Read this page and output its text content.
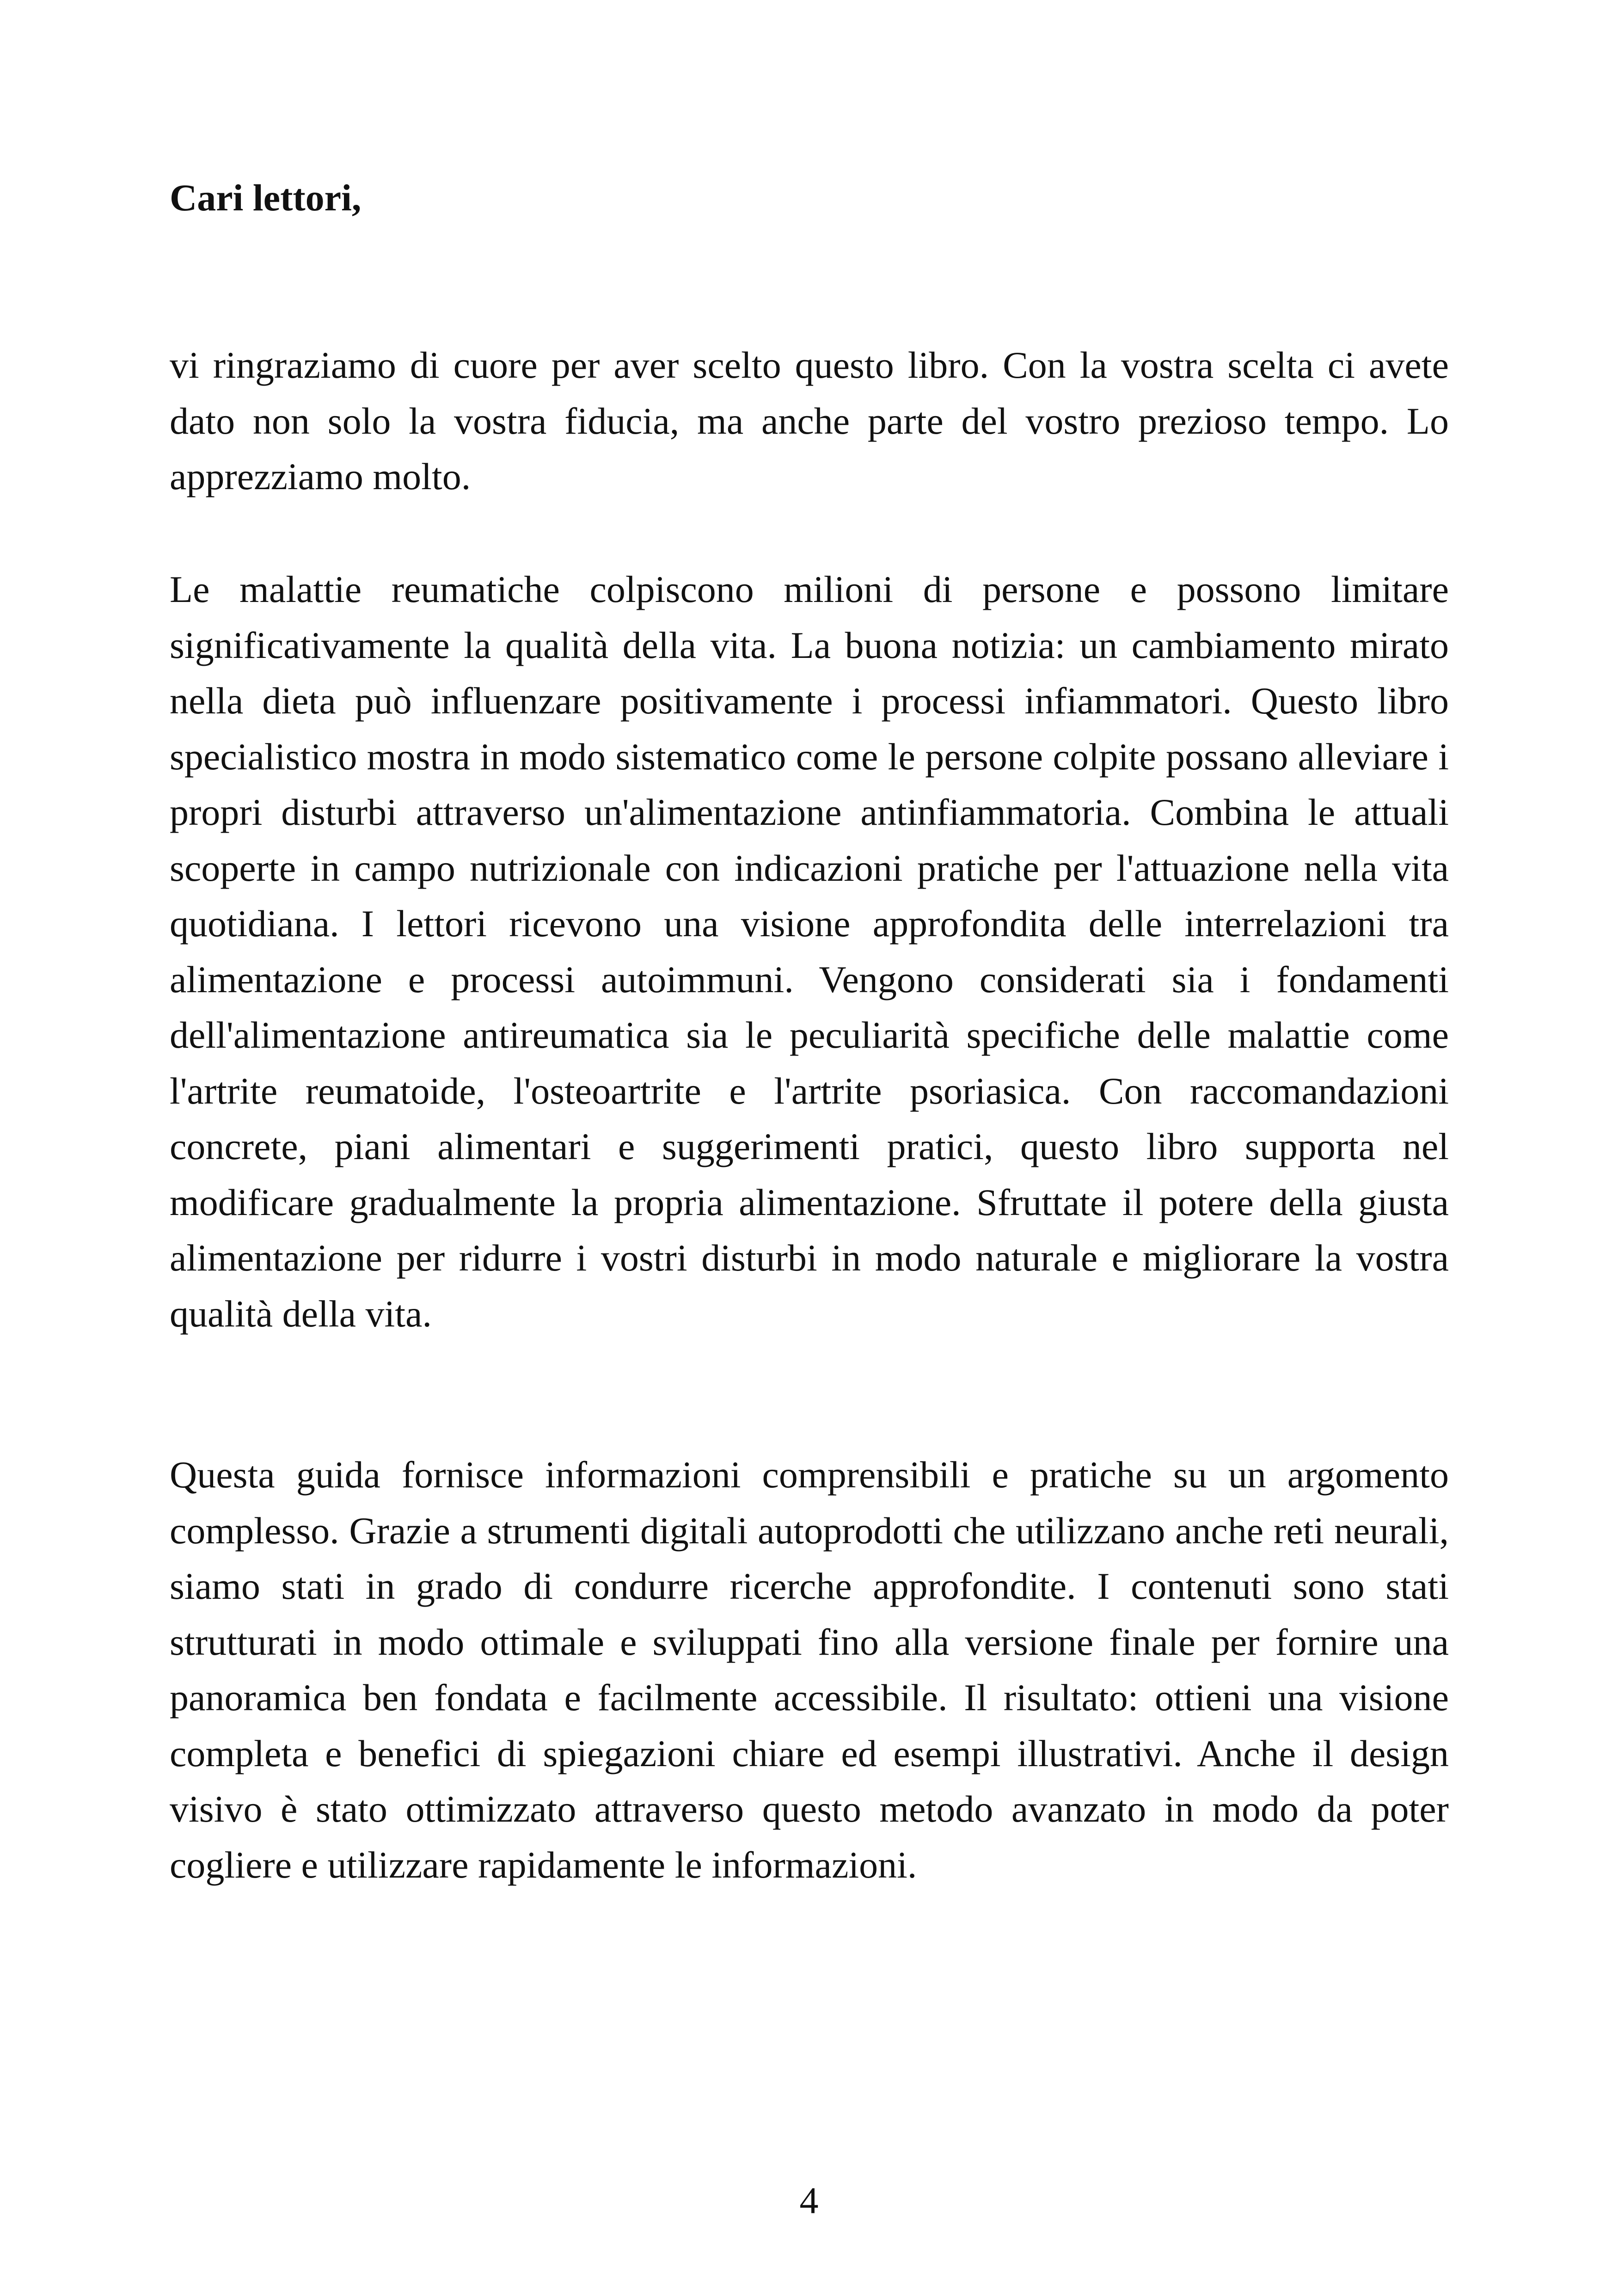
Cari lettori,

vi ringraziamo di cuore per aver scelto questo libro. Con la vostra scelta ci avete dato non solo la vostra fiducia, ma anche parte del vostro prezioso tempo. Lo apprezziamo molto.

Le malattie reumatiche colpiscono milioni di persone e possono limitare significativamente la qualità della vita. La buona notizia: un cambiamento mirato nella dieta può influenzare positivamente i processi infiammatori. Questo libro specialistico mostra in modo sistematico come le persone colpite possano alleviare i propri disturbi attraverso un'alimentazione antinfiammatoria. Combina le attuali scoperte in campo nutrizionale con indicazioni pratiche per l'attuazione nella vita quotidiana. I lettori ricevono una visione approfondita delle interrelazioni tra alimentazione e processi autoimmuni. Vengono considerati sia i fondamenti dell'alimentazione antireumatica sia le peculiarità specifiche delle malattie come l'artrite reumatoide, l'osteoartrite e l'artrite psoriasica. Con raccomandazioni concrete, piani alimentari e suggerimenti pratici, questo libro supporta nel modificare gradualmente la propria alimentazione. Sfruttate il potere della giusta alimentazione per ridurre i vostri disturbi in modo naturale e migliorare la vostra qualità della vita.

Questa guida fornisce informazioni comprensibili e pratiche su un argomento complesso. Grazie a strumenti digitali autoprodotti che utilizzano anche reti neurali, siamo stati in grado di condurre ricerche approfondite. I contenuti sono stati strutturati in modo ottimale e sviluppati fino alla versione finale per fornire una panoramica ben fondata e facilmente accessibile. Il risultato: ottieni una visione completa e benefici di spiegazioni chiare ed esempi illustrativi. Anche il design visivo è stato ottimizzato attraverso questo metodo avanzato in modo da poter cogliere e utilizzare rapidamente le informazioni.

4
